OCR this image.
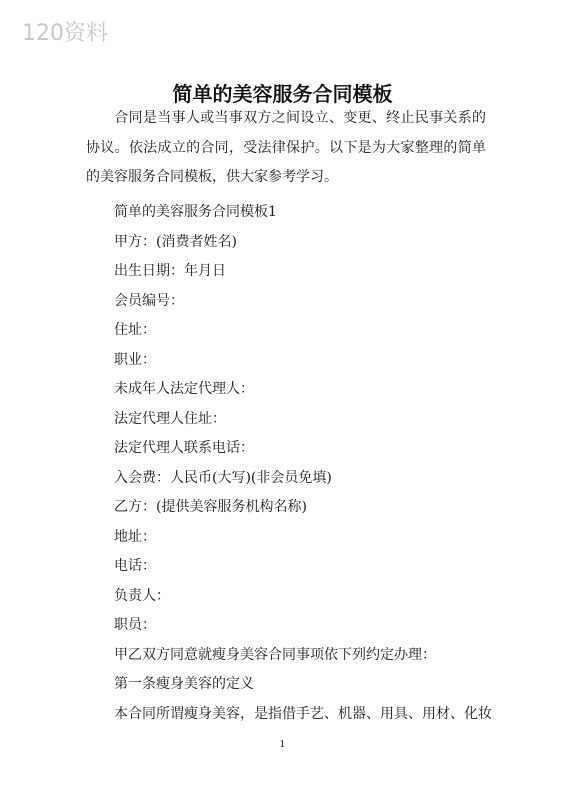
120资料
简单的美容服务合同模板

合同是当事人或当事双方之间设立、变更、终止民事关系的协议。依法成立的合同，受法律保护。以下是为大家整理的简单的美容服务合同模板，供大家参考学习。

简单的美容服务合同模板1
甲方：(消费者姓名)
出生日期：年月日
会员编号：
住址：
职业：
未成年人法定代理人：
法定代理人住址：
法定代理人联系电话：
入会费：人民币(大写)(非会员免填)
乙方：(提供美容服务机构名称)
地址：
电话：
负责人：
职员：
甲乙双方同意就瘦身美容合同事项依下列约定办理：
第一条瘦身美容的定义
本合同所谓瘦身美容，是指借手艺、机器、用具、用材、化妆
1
